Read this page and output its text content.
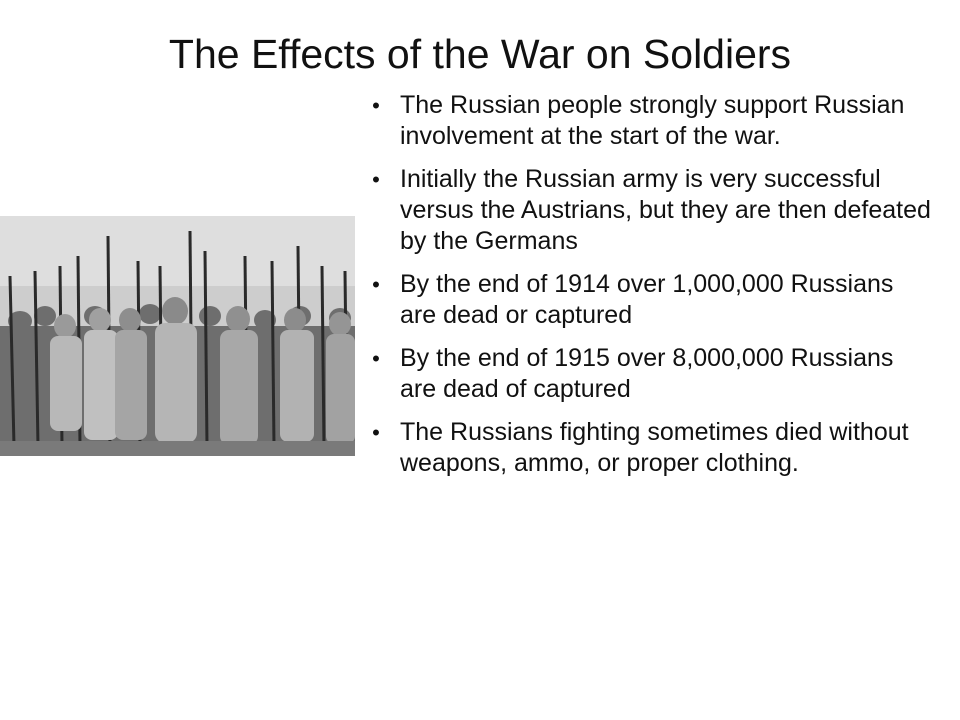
The Effects of the War on Soldiers
• The Russian people strongly support Russian involvement at the start of the war.
• Initially the Russian army is very successful versus the Austrians, but they are then defeated by the Germans
• By the end of 1914 over 1,000,000 Russians are dead or captured
• By the end of 1915 over 8,000,000 Russians are dead of captured
• The Russians fighting sometimes died without weapons, ammo, or proper clothing.
